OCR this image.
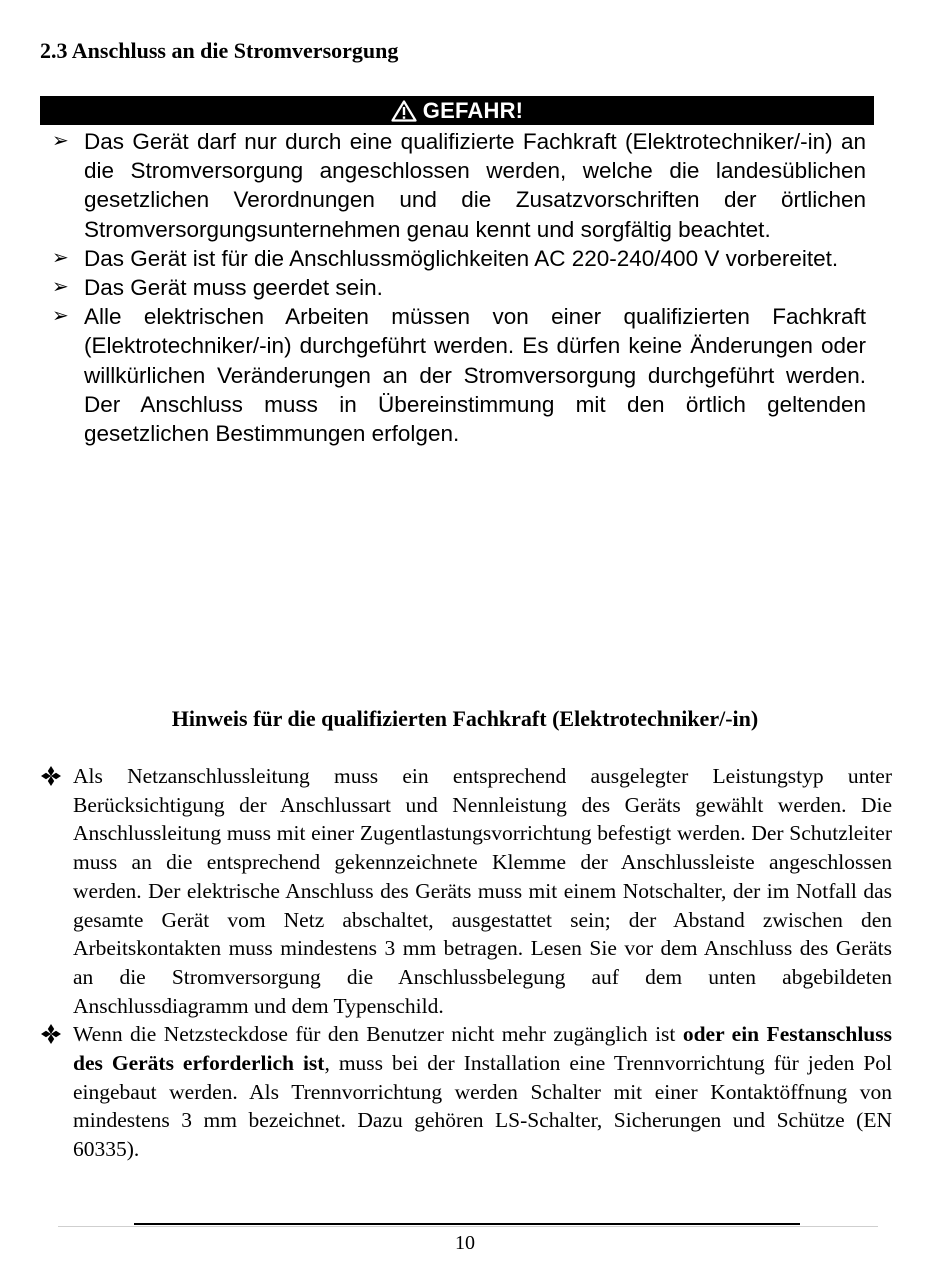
2.3 Anschluss an die Stromversorgung
GEFAHR!
➢ Das Gerät darf nur durch eine qualifizierte Fachkraft (Elektrotechniker/-in) an die Stromversorgung angeschlossen werden, welche die landesüblichen gesetzlichen Verordnungen und die Zusatzvorschriften der örtlichen Stromversorgungsunternehmen genau kennt und sorgfältig beachtet.
➢ Das Gerät ist für die Anschlussmöglichkeiten AC 220-240/400 V vorbereitet.
➢ Das Gerät muss geerdet sein.
➢ Alle elektrischen Arbeiten müssen von einer qualifizierten Fachkraft (Elektrotechniker/-in) durchgeführt werden. Es dürfen keine Änderungen oder willkürlichen Veränderungen an der Stromversorgung durchgeführt werden. Der Anschluss muss in Übereinstimmung mit den örtlich geltenden gesetzlichen Bestimmungen erfolgen.
Hinweis für die qualifizierten Fachkraft (Elektrotechniker/-in)
Als Netzanschlussleitung muss ein entsprechend ausgelegter Leistungstyp unter Berücksichtigung der Anschlussart und Nennleistung des Geräts gewählt werden. Die Anschlussleitung muss mit einer Zugentlastungsvorrichtung befestigt werden. Der Schutzleiter muss an die entsprechend gekennzeichnete Klemme der Anschlussleiste angeschlossen werden. Der elektrische Anschluss des Geräts muss mit einem Notschalter, der im Notfall das gesamte Gerät vom Netz abschaltet, ausgestattet sein; der Abstand zwischen den Arbeitskontakten muss mindestens 3 mm betragen. Lesen Sie vor dem Anschluss des Geräts an die Stromversorgung die Anschlussbelegung auf dem unten abgebildeten Anschlussdiagramm und dem Typenschild.
Wenn die Netzsteckdose für den Benutzer nicht mehr zugänglich ist oder ein Festanschluss des Geräts erforderlich ist, muss bei der Installation eine Trennvorrichtung für jeden Pol eingebaut werden. Als Trennvorrichtung werden Schalter mit einer Kontaktöffnung von mindestens 3 mm bezeichnet. Dazu gehören LS-Schalter, Sicherungen und Schütze (EN 60335).
10
